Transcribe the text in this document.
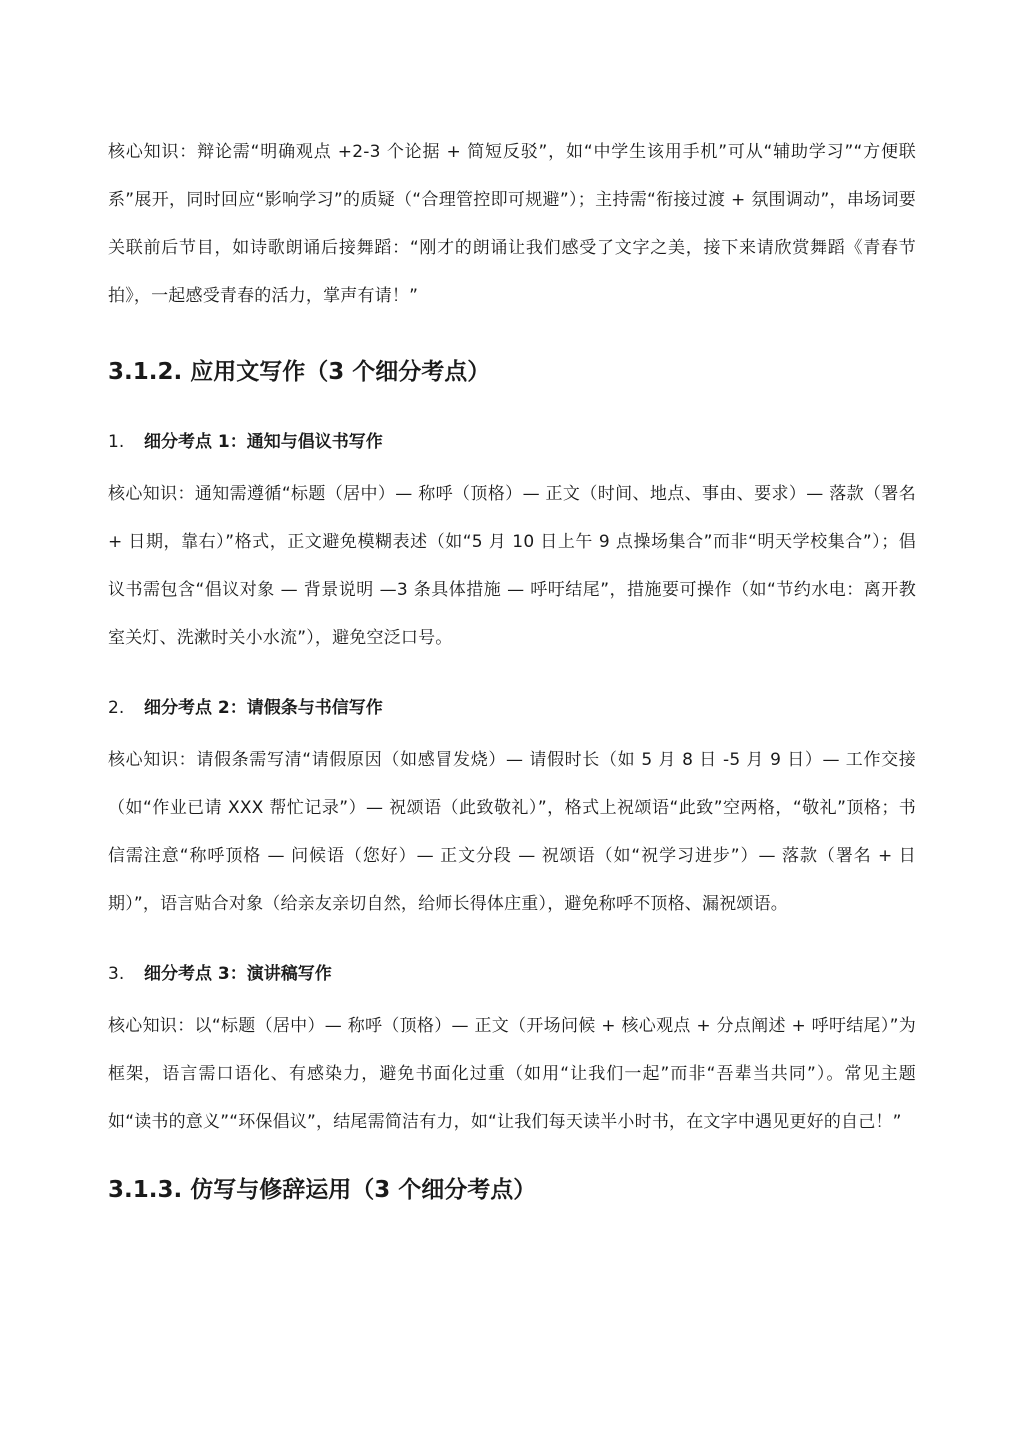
核心知识：辩论需“明确观点 +2-3 个论据 + 简短反驳”，如“中学生该用手机”可从“辅助学习”“方便联系”展开，同时回应“影响学习”的质疑（“合理管控即可规避”）；主持需“衔接过渡 + 氛围调动”，串场词要关联前后节目，如诗歌朗诵后接舞蹈：“刚才的朗诵让我们感受了文字之美，接下来请欣赏舞蹈《青春节拍》，一起感受青春的活力，掌声有请！”

3.1.2. 应用文写作（3 个细分考点）
1.	细分考点 1：通知与倡议书写作

核心知识：通知需遵循“标题（居中）— 称呼（顶格）— 正文（时间、地点、事由、要求）— 落款（署名 + 日期，靠右）”格式，正文避免模糊表述（如“5 月 10 日上午 9 点操场集合”而非“明天学校集合”）；倡议书需包含“倡议对象 — 背景说明 —3 条具体措施 — 呼吁结尾”，措施要可操作（如“节约水电：离开教室关灯、洗漱时关小水流”），避免空泛口号。

2.	细分考点 2：请假条与书信写作

核心知识：请假条需写清“请假原因（如感冒发烧）— 请假时长（如 5 月 8 日 -5 月 9 日）— 工作交接（如“作业已请 XXX 帮忙记录”）— 祝颂语（此致敬礼）”，格式上祝颂语“此致”空两格，“敬礼”顶格；书信需注意“称呼顶格 — 问候语（您好）— 正文分段 — 祝颂语（如“祝学习进步”）— 落款（署名 + 日期）”，语言贴合对象（给亲友亲切自然，给师长得体庄重），避免称呼不顶格、漏祝颂语。

3.	细分考点 3：演讲稿写作

核心知识：以“标题（居中）— 称呼（顶格）— 正文（开场问候 + 核心观点 + 分点阐述 + 呼吁结尾）”为框架，语言需口语化、有感染力，避免书面化过重（如用“让我们一起”而非“吾辈当共同”）。常见主题如“读书的意义”“环保倡议”，结尾需简洁有力，如“让我们每天读半小时书，在文字中遇见更好的自己！”

3.1.3. 仿写与修辞运用（3 个细分考点）
